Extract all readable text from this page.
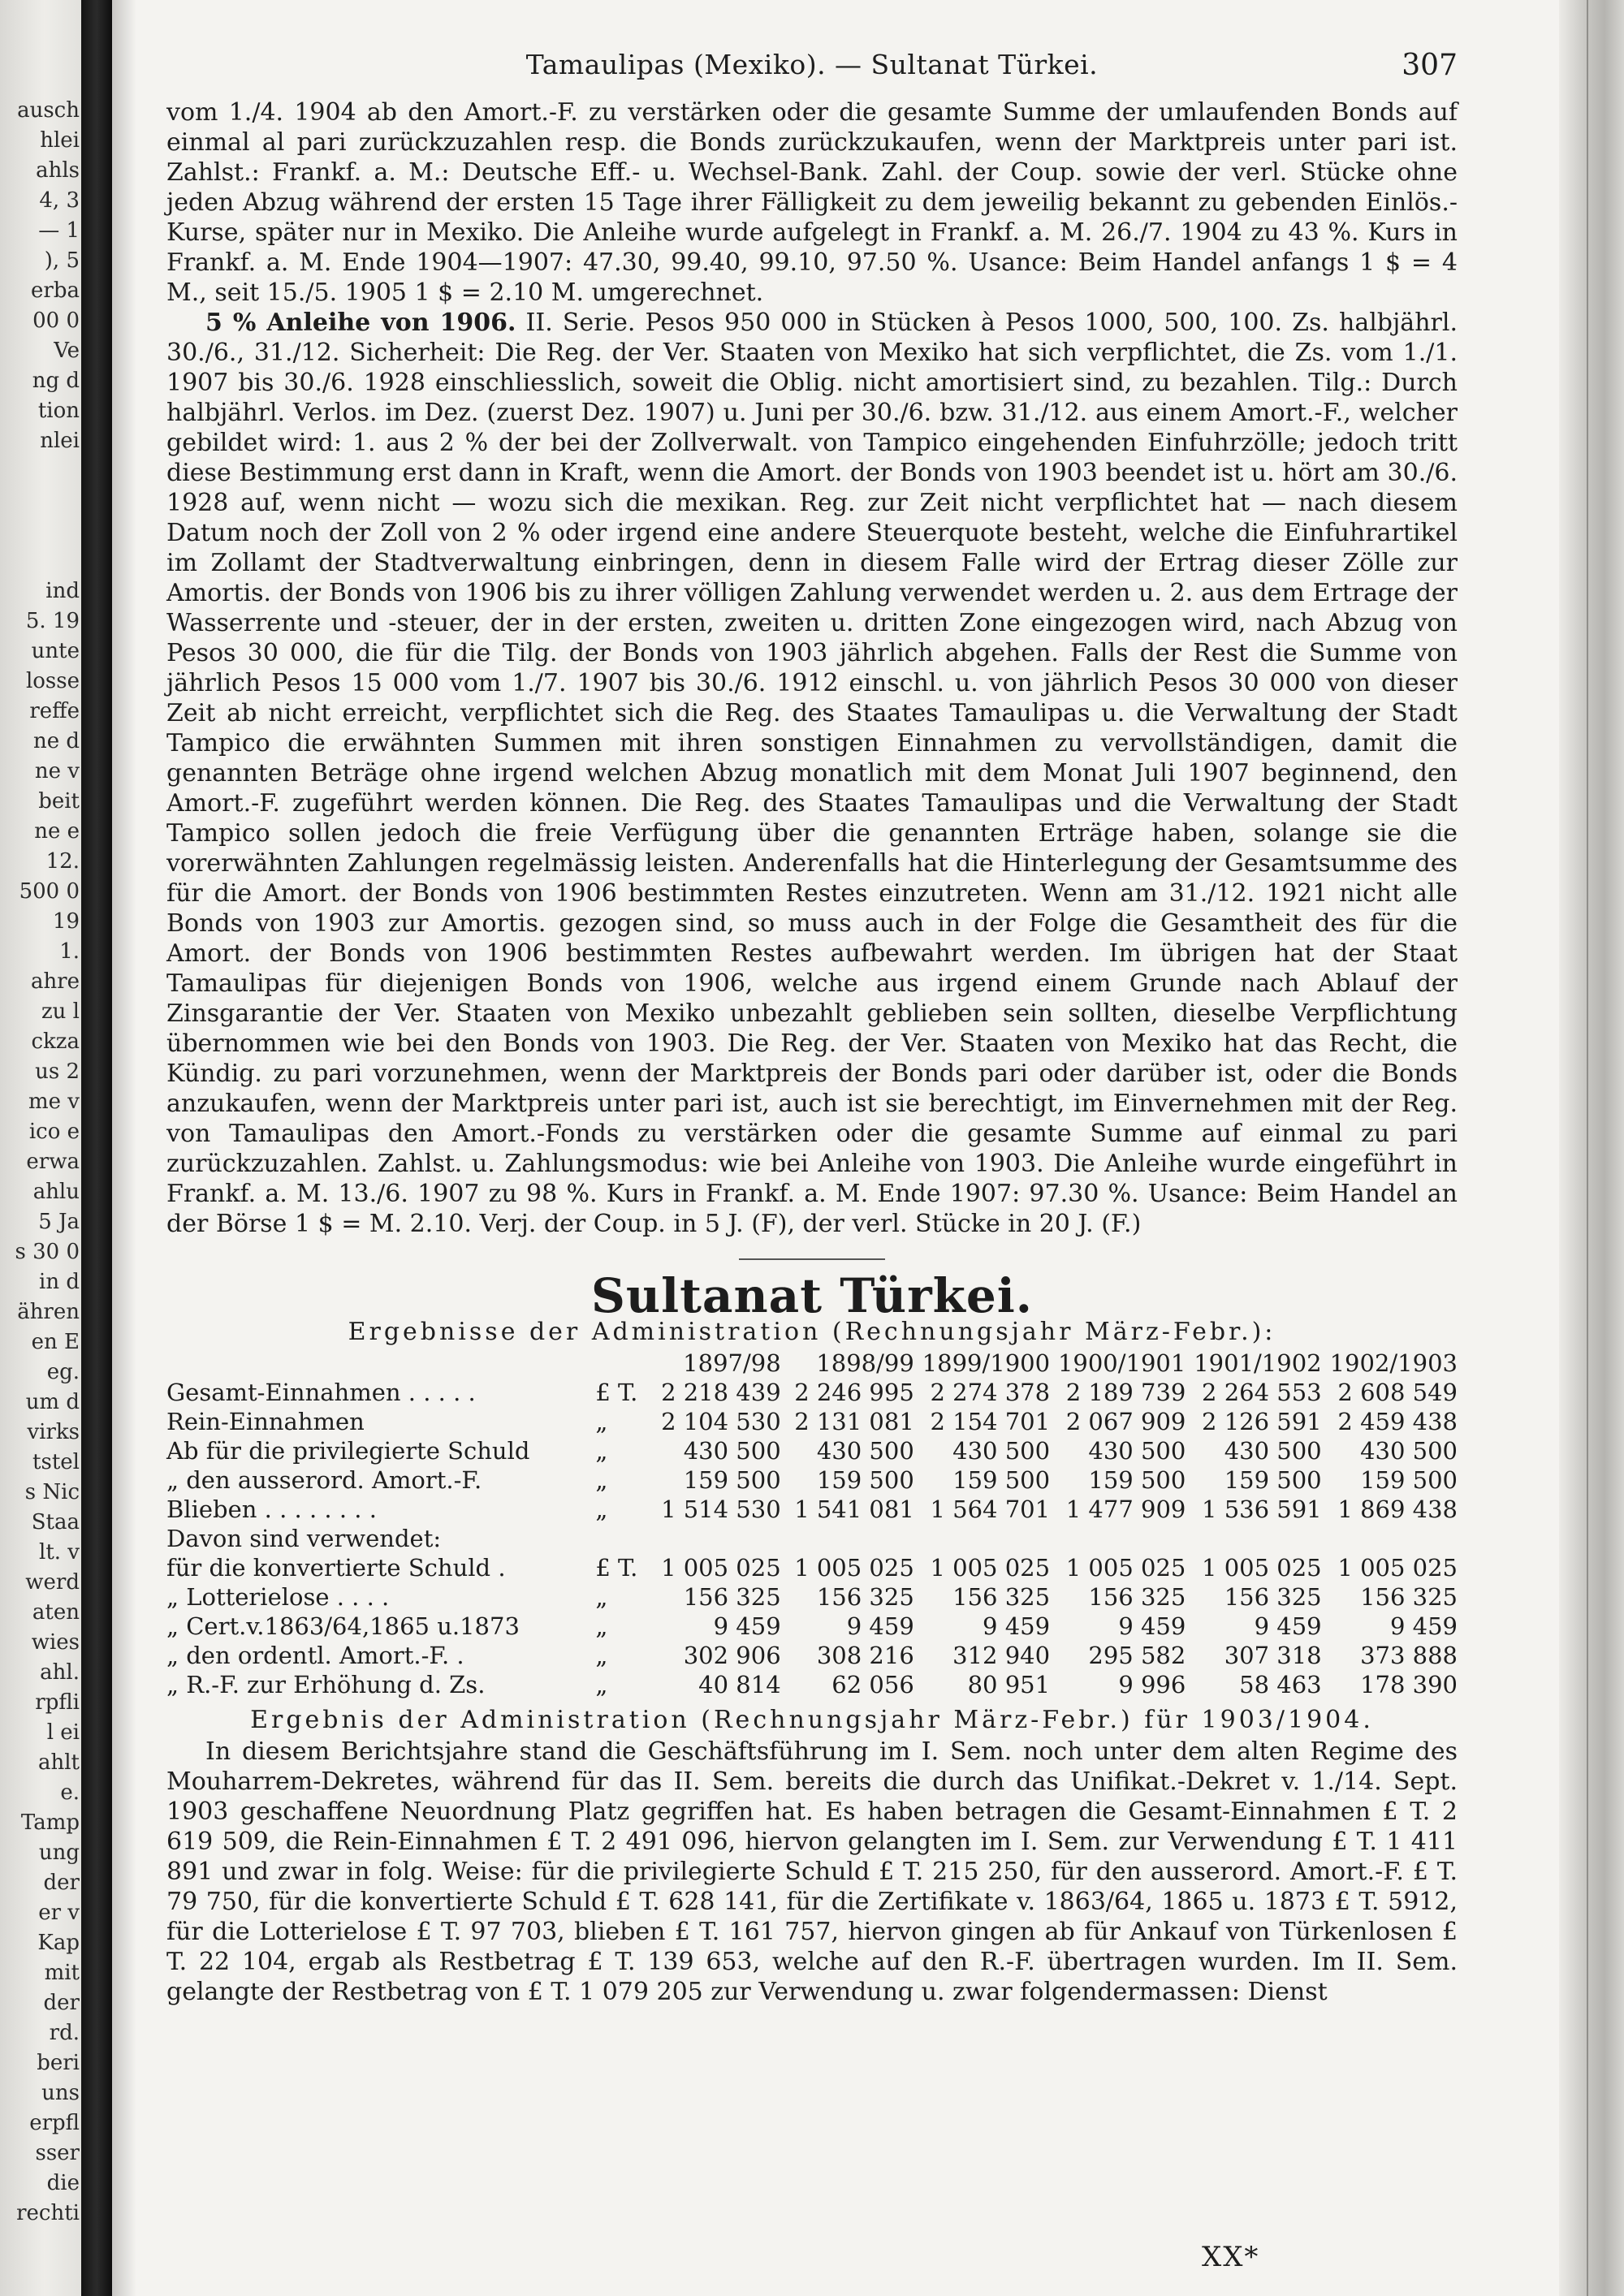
ausch
hlei
ahls
4, 3
— 1
), 5
erba
00 0
Ve
ng d
tion
nlei
ind
5. 19
unte
losse
reffe
ne d
ne v
beit
ne e
12.
500 0
19
1.
ahre
zu l
ckza
us 2
me v
ico e
erwa
ahlu
5 Ja
s 30 0
in d
ähren
en E
eg.
um d
virks
tstel
s Nic
Staa
lt. v
werd
aten
wies
ahl.
rpfli
l ei
ahlt
e.
Tamp
ung
der
er v
Kap
mit
der
rd.
beri
uns
erpfl
sser
die
rechti
Tamaulipas (Mexiko). — Sultanat Türkei.	307

vom 1./4. 1904 ab den Amort.-F. zu verstärken oder die gesamte Summe der umlaufenden Bonds auf einmal al pari zurückzuzahlen resp. die Bonds zurückzukaufen, wenn der Marktpreis unter pari ist. Zahlst.: Frankf. a. M.: Deutsche Eff.- u. Wechsel-Bank. Zahl. der Coup. sowie der verl. Stücke ohne jeden Abzug während der ersten 15 Tage ihrer Fälligkeit zu dem jeweilig bekannt zu gebenden Einlös.-Kurse, später nur in Mexiko. Die Anleihe wurde aufgelegt in Frankf. a. M. 26./7. 1904 zu 43 %. Kurs in Frankf. a. M. Ende 1904—1907: 47.30, 99.40, 99.10, 97.50 %. Usance: Beim Handel anfangs 1 $ = 4 M., seit 15./5. 1905 1 $ = 2.10 M. umgerechnet.

5 % Anleihe von 1906. II. Serie. Pesos 950 000 in Stücken à Pesos 1000, 500, 100. Zs. halbjährl. 30./6., 31./12. Sicherheit: Die Reg. der Ver. Staaten von Mexiko hat sich verpflichtet, die Zs. vom 1./1. 1907 bis 30./6. 1928 einschliesslich, soweit die Oblig. nicht amortisiert sind, zu bezahlen. Tilg.: Durch halbjährl. Verlos. im Dez. (zuerst Dez. 1907) u. Juni per 30./6. bzw. 31./12. aus einem Amort.-F., welcher gebildet wird: 1. aus 2 % der bei der Zollverwalt. von Tampico eingehenden Einfuhrzölle; jedoch tritt diese Bestimmung erst dann in Kraft, wenn die Amort. der Bonds von 1903 beendet ist u. hört am 30./6. 1928 auf, wenn nicht — wozu sich die mexikan. Reg. zur Zeit nicht verpflichtet hat — nach diesem Datum noch der Zoll von 2 % oder irgend eine andere Steuerquote besteht, welche die Einfuhrartikel im Zollamt der Stadtverwaltung einbringen, denn in diesem Falle wird der Ertrag dieser Zölle zur Amortis. der Bonds von 1906 bis zu ihrer völligen Zahlung verwendet werden u. 2. aus dem Ertrage der Wasserrente und -steuer, der in der ersten, zweiten u. dritten Zone eingezogen wird, nach Abzug von Pesos 30 000, die für die Tilg. der Bonds von 1903 jährlich abgehen. Falls der Rest die Summe von jährlich Pesos 15 000 vom 1./7. 1907 bis 30./6. 1912 einschl. u. von jährlich Pesos 30 000 von dieser Zeit ab nicht erreicht, verpflichtet sich die Reg. des Staates Tamaulipas u. die Verwaltung der Stadt Tampico die erwähnten Summen mit ihren sonstigen Einnahmen zu vervollständigen, damit die genannten Beträge ohne irgend welchen Abzug monatlich mit dem Monat Juli 1907 beginnend, den Amort.-F. zugeführt werden können. Die Reg. des Staates Tamaulipas und die Verwaltung der Stadt Tampico sollen jedoch die freie Verfügung über die genannten Erträge haben, solange sie die vorerwähnten Zahlungen regelmässig leisten. Anderenfalls hat die Hinterlegung der Gesamtsumme des für die Amort. der Bonds von 1906 bestimmten Restes einzutreten. Wenn am 31./12. 1921 nicht alle Bonds von 1903 zur Amortis. gezogen sind, so muss auch in der Folge die Gesamtheit des für die Amort. der Bonds von 1906 bestimmten Restes aufbewahrt werden. Im übrigen hat der Staat Tamaulipas für diejenigen Bonds von 1906, welche aus irgend einem Grunde nach Ablauf der Zinsgarantie der Ver. Staaten von Mexiko unbezahlt geblieben sein sollten, dieselbe Verpflichtung übernommen wie bei den Bonds von 1903. Die Reg. der Ver. Staaten von Mexiko hat das Recht, die Kündig. zu pari vorzunehmen, wenn der Marktpreis der Bonds pari oder darüber ist, oder die Bonds anzukaufen, wenn der Marktpreis unter pari ist, auch ist sie berechtigt, im Einvernehmen mit der Reg. von Tamaulipas den Amort.-Fonds zu verstärken oder die gesamte Summe auf einmal zu pari zurückzuzahlen. Zahlst. u. Zahlungsmodus: wie bei Anleihe von 1903. Die Anleihe wurde eingeführt in Frankf. a. M. 13./6. 1907 zu 98 %. Kurs in Frankf. a. M. Ende 1907: 97.30 %. Usance: Beim Handel an der Börse 1 $ = M. 2.10. Verj. der Coup. in 5 J. (F), der verl. Stücke in 20 J. (F.)

Sultanat Türkei.
Ergebnisse der Administration (Rechnungsjahr März-Febr.):
		1897/98	1898/99	1899/1900	1900/1901	1901/1902	1902/1903
Gesamt-Einnahmen . . . . .	£ T.	2 218 439	2 246 995	2 274 378	2 189 739	2 264 553	2 608 549
Rein-Einnahmen	„	2 104 530	2 131 081	2 154 701	2 067 909	2 126 591	2 459 438
Ab für die privilegierte Schuld	„	430 500	430 500	430 500	430 500	430 500	430 500
„ den ausserord. Amort.-F.	„	159 500	159 500	159 500	159 500	159 500	159 500
Blieben . . . . . . . .	„	1 514 530	1 541 081	1 564 701	1 477 909	1 536 591	1 869 438
Davon sind verwendet:							
für die konvertierte Schuld .	£ T.	1 005 025	1 005 025	1 005 025	1 005 025	1 005 025	1 005 025
„ Lotterielose . . . .	„	156 325	156 325	156 325	156 325	156 325	156 325
„ Cert.v.1863/64,1865 u.1873	„	9 459	9 459	9 459	9 459	9 459	9 459
„ den ordentl. Amort.-F. .	„	302 906	308 216	312 940	295 582	307 318	373 888
„ R.-F. zur Erhöhung d. Zs.	„	40 814	62 056	80 951	9 996	58 463	178 390
Ergebnis der Administration (Rechnungsjahr März-Febr.) für 1903/1904.

In diesem Berichtsjahre stand die Geschäftsführung im I. Sem. noch unter dem alten Regime des Mouharrem-Dekretes, während für das II. Sem. bereits die durch das Unifikat.-Dekret v. 1./14. Sept. 1903 geschaffene Neuordnung Platz gegriffen hat. Es haben betragen die Gesamt-Einnahmen £ T. 2 619 509, die Rein-Einnahmen £ T. 2 491 096, hiervon gelangten im I. Sem. zur Verwendung £ T. 1 411 891 und zwar in folg. Weise: für die privilegierte Schuld £ T. 215 250, für den ausserord. Amort.-F. £ T. 79 750, für die konvertierte Schuld £ T. 628 141, für die Zertifikate v. 1863/64, 1865 u. 1873 £ T. 5912, für die Lotterielose £ T. 97 703, blieben £ T. 161 757, hiervon gingen ab für Ankauf von Türkenlosen £ T. 22 104, ergab als Restbetrag £ T. 139 653, welche auf den R.-F. übertragen wurden. Im II. Sem. gelangte der Restbetrag von £ T. 1 079 205 zur Verwendung u. zwar folgendermassen: Dienst

XX*
